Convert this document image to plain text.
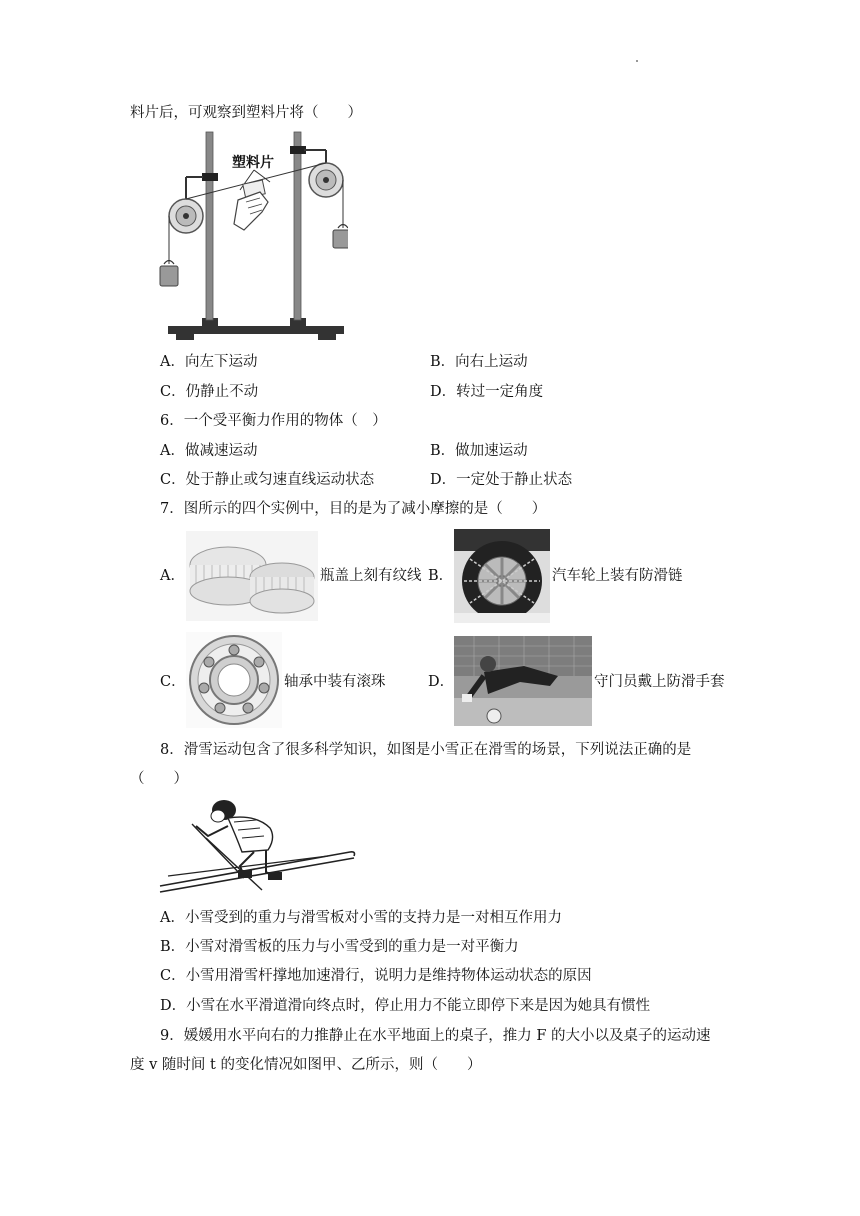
料片后，可观察到塑料片将（　　）
塑料片
A．向左下运动	B．向右上运动
C．仍静止不动	D．转过一定角度
6．一个受平衡力作用的物体（　）
A．做减速运动	B．做加速运动
C．处于静止或匀速直线运动状态	D．一定处于静止状态
7．图所示的四个实例中，目的是为了减小摩擦的是（　　）
A．	瓶盖上刻有纹线 B．	汽车轮上装有防滑链
C．	轴承中装有滚珠	D．	守门员戴上防滑手套
8．滑雪运动包含了很多科学知识，如图是小雪正在滑雪的场景，下列说法正确的是
（　　）
A．小雪受到的重力与滑雪板对小雪的支持力是一对相互作用力
B．小雪对滑雪板的压力与小雪受到的重力是一对平衡力
C．小雪用滑雪杆撑地加速滑行，说明力是维持物体运动状态的原因
D．小雪在水平滑道滑向终点时，停止用力不能立即停下来是因为她具有惯性
9．媛媛用水平向右的力推静止在水平地面上的桌子，推力 F 的大小以及桌子的运动速
度 v 随时间 t 的变化情况如图甲、乙所示，则（　　）
